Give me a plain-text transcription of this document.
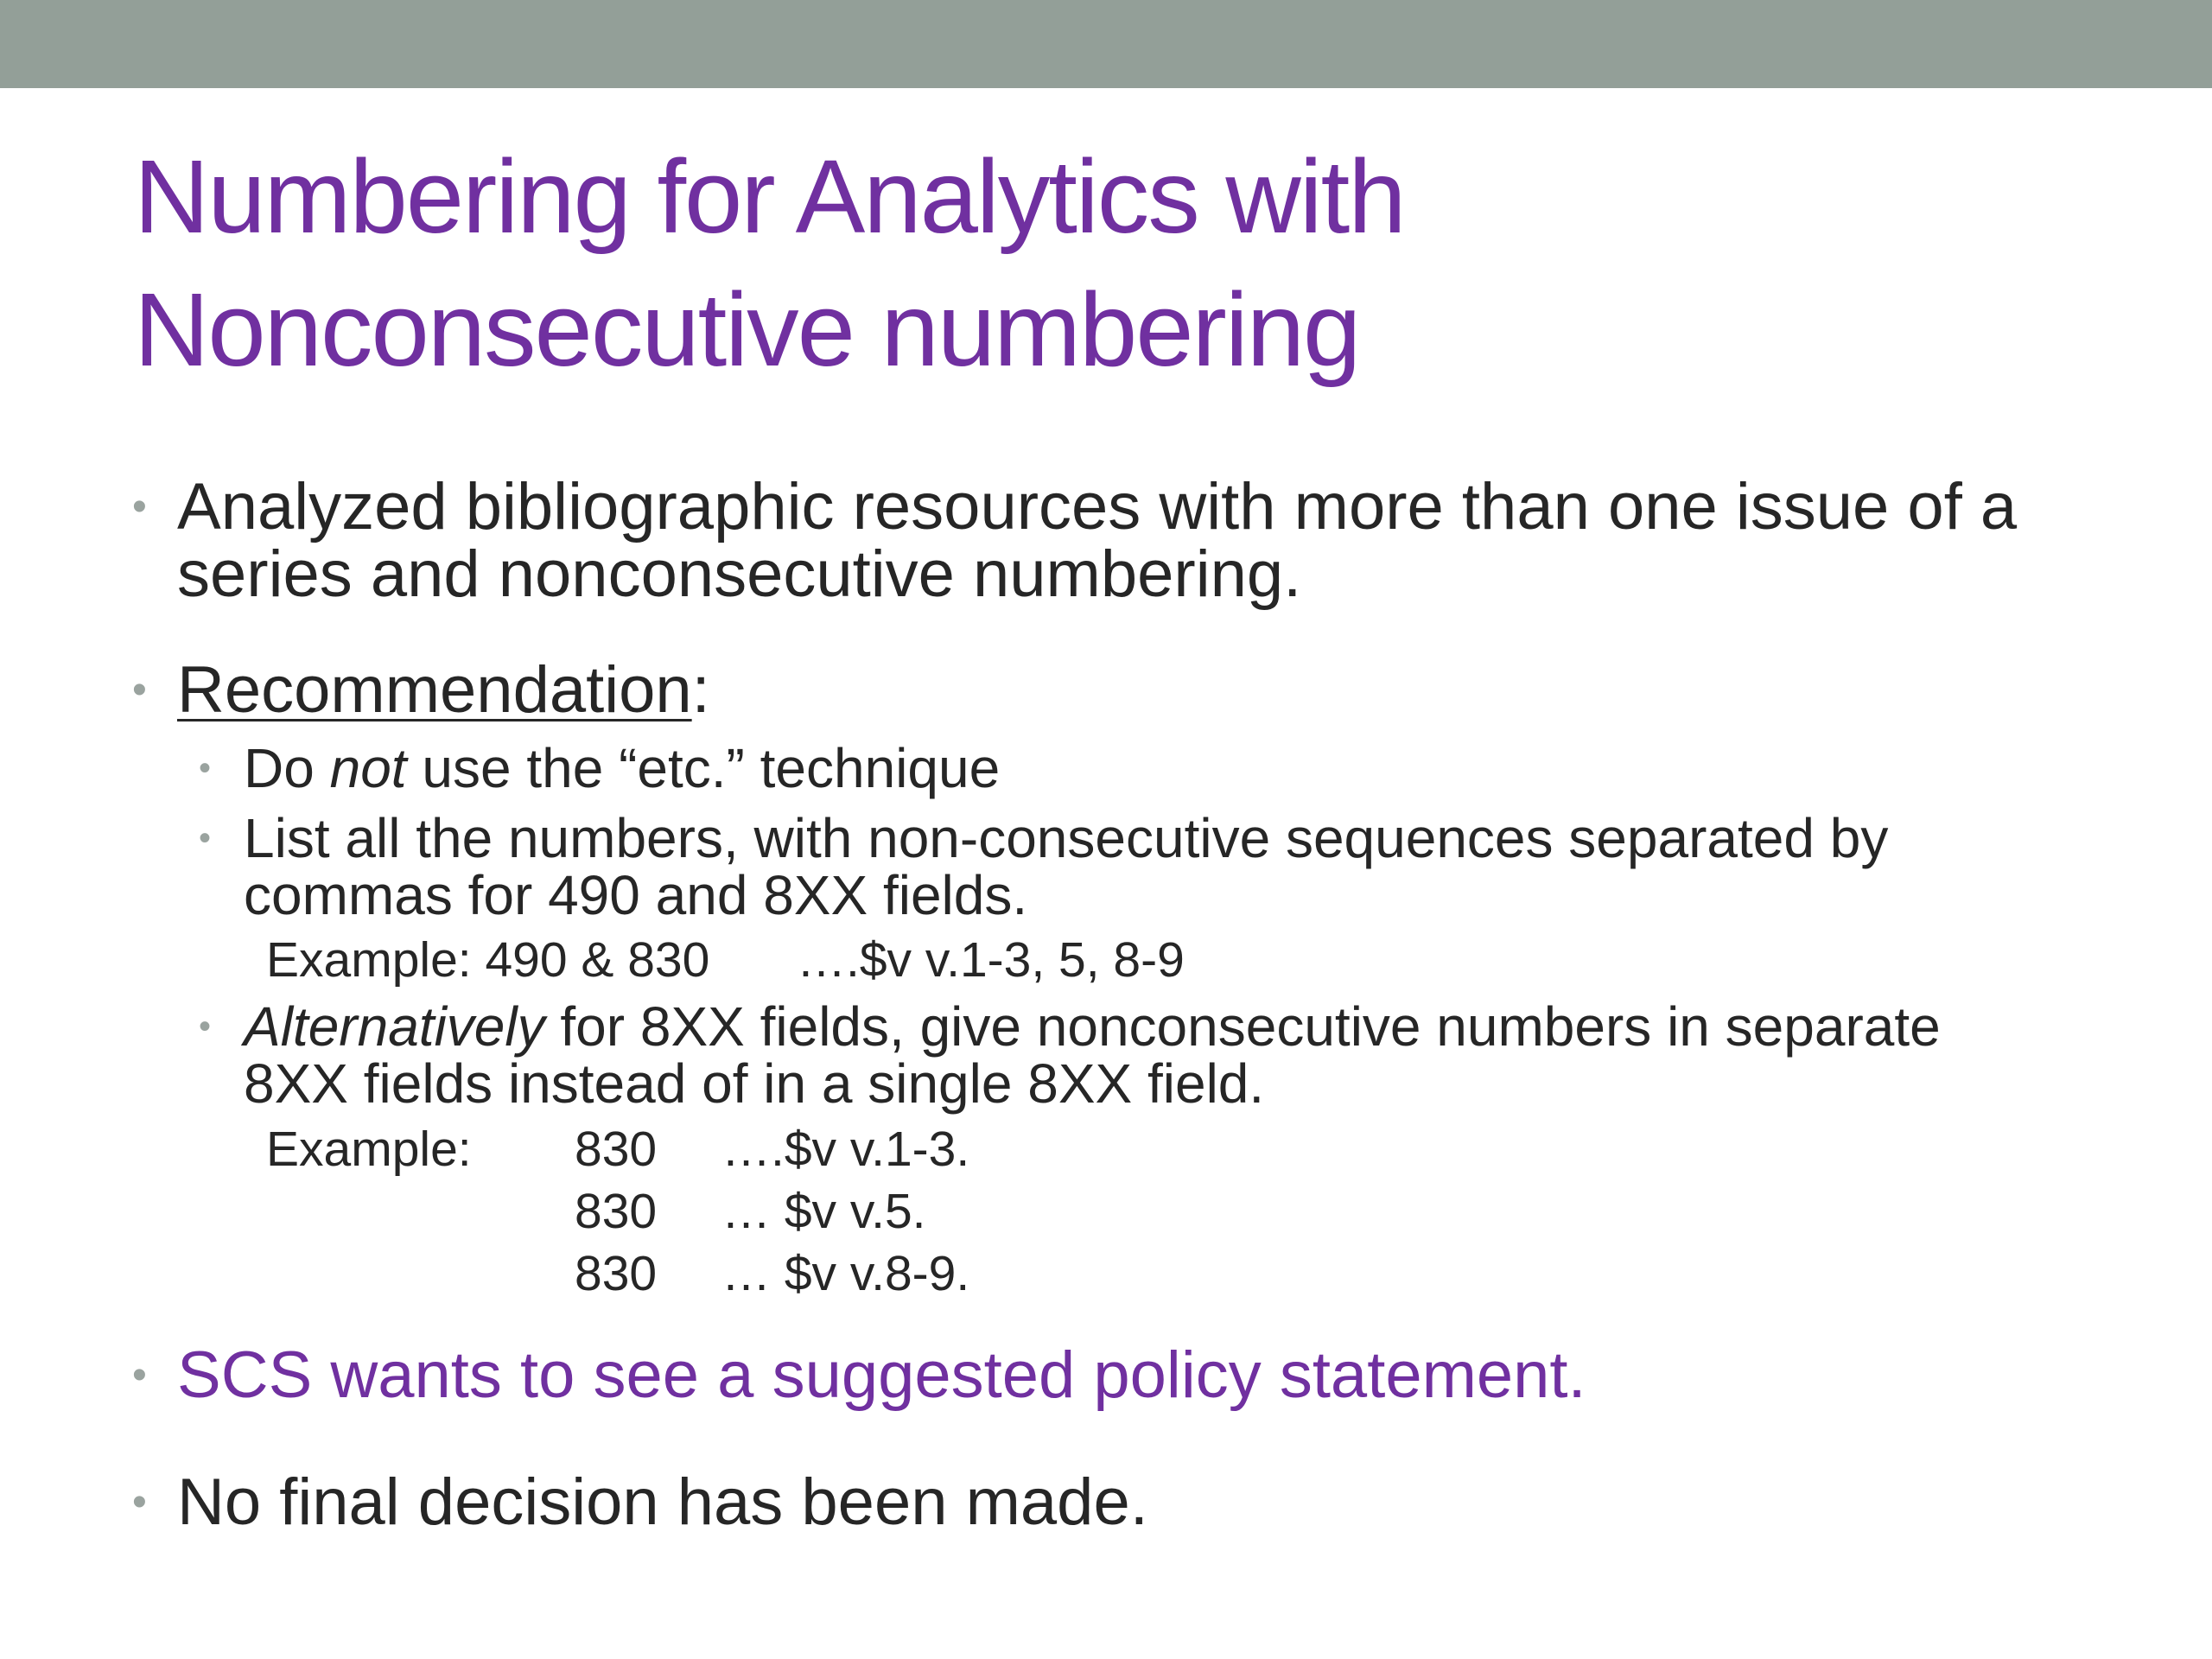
Numbering for Analytics with
Nonconsecutive numbering
• Analyzed bibliographic resources with more than one issue of a
series and nonconsecutive numbering.
• Recommendation:
• Do not use the “etc.” technique
• List all the numbers, with non-consecutive sequences separated by
commas for 490 and 8XX fields.
Example: 490 & 830 ….$v v.1-3, 5, 8-9
• Alternatively for 8XX fields, give nonconsecutive numbers in separate
8XX fields instead of in a single 8XX field.
Example: 830 ….$v v.1-3.
830 … $v v.5.
830 … $v v.8-9.
• SCS wants to see a suggested policy statement.
• No final decision has been made.
